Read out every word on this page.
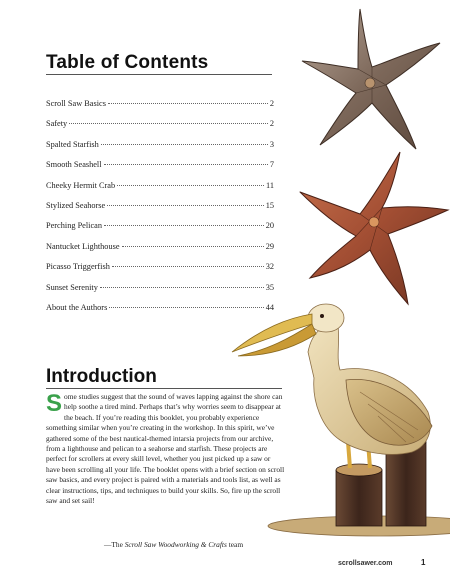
Table of Contents
Scroll Saw Basics	2
Safety	2
Spalted Starfish	3
Smooth Seashell	7
Cheeky Hermit Crab	11
Stylized Seahorse	15
Perching Pelican	20
Nantucket Lighthouse	29
Picasso Triggerfish	32
Sunset Serenity	35
About the Authors	44
Introduction

Some studies suggest that the sound of waves lapping against the shore can help soothe a tired mind. Perhaps that’s why worries seem to disappear at the beach. If you’re reading this booklet, you probably experience something similar when you’re creating in the workshop. In this spirit, we’ve gathered some of the best nautical-themed intarsia projects from our archive, from a lighthouse and pelican to a seahorse and starfish. These projects are perfect for scrollers at every skill level, whether you just picked up a saw or have been scrolling all your life. The booklet opens with a brief section on scroll saw basics, and every project is paired with a materials and tools list, as well as clear instructions, tips, and techniques to build your skills. So, fire up the scroll saw and set sail!

—The Scroll Saw Woodworking & Crafts team
scrollsawer.com	1
